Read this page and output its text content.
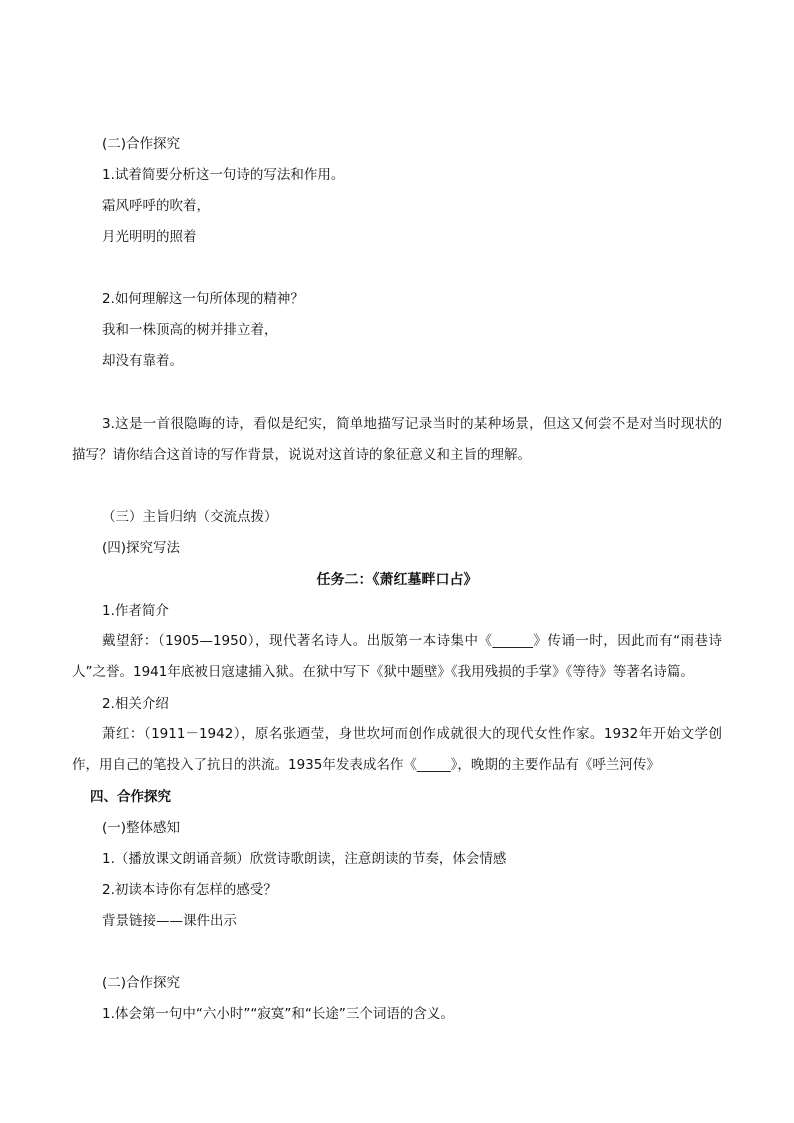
(二)合作探究
1.试着简要分析这一句诗的写法和作用。
霜风呼呼的吹着，
月光明明的照着
2.如何理解这一句所体现的精神？
我和一株顶高的树并排立着，
却没有靠着。
3.这是一首很隐晦的诗，看似是纪实，简单地描写记录当时的某种场景，但这又何尝不是对当时现状的描写？请你结合这首诗的写作背景，说说对这首诗的象征意义和主旨的理解。
（三）主旨归纳（交流点拨）
(四)探究写法
任务二：《萧红墓畔口占》
1.作者简介
戴望舒：（1905—1950），现代著名诗人。出版第一本诗集中《______》传诵一时，因此而有“雨巷诗人”之誉。1941年底被日寇逮捕入狱。在狱中写下《狱中题壁》《我用残损的手掌》《等待》等著名诗篇。
2.相关介绍
萧红：（1911－1942），原名张迺莹，身世坎坷而创作成就很大的现代女性作家。1932年开始文学创作，用自己的笔投入了抗日的洪流。1935年发表成名作《_____》，晚期的主要作品有《呼兰河传》
四、合作探究
(一)整体感知
1.（播放课文朗诵音频）欣赏诗歌朗读，注意朗读的节奏，体会情感
2.初读本诗你有怎样的感受？
背景链接——课件出示
(二)合作探究
1.体会第一句中“六小时”“寂寞”和“长途”三个词语的含义。
